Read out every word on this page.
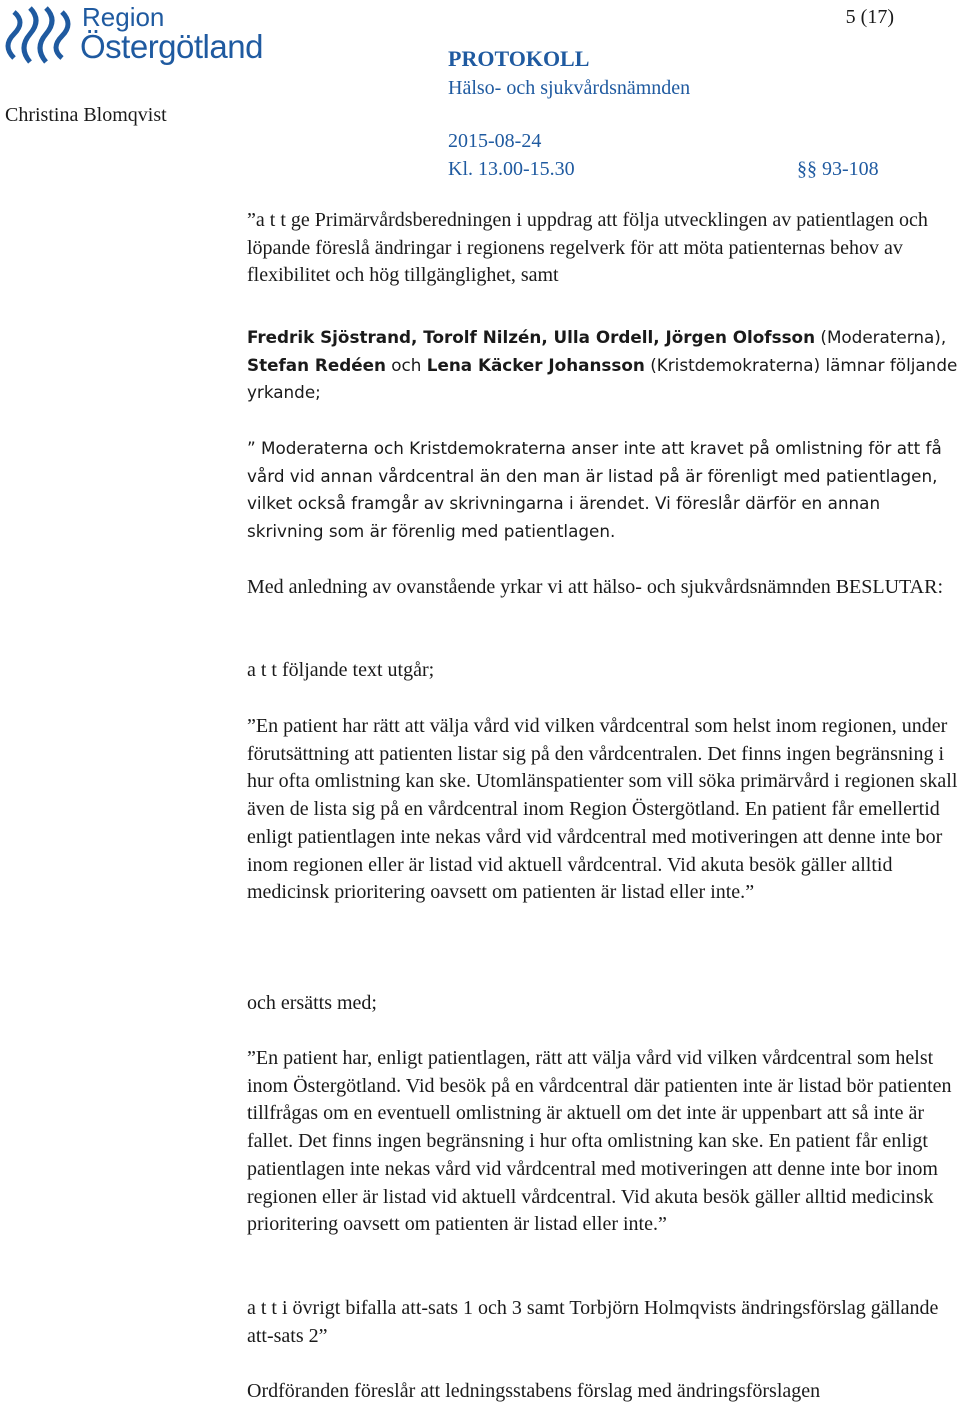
Region
Östergötland
5 (17)
PROTOKOLL
Hälso- och sjukvårdsnämnden
Christina Blomqvist
2015-08-24
Kl. 13.00-15.30	§§ 93-108

”a t t ge Primärvårdsberedningen i uppdrag att följa utvecklingen av patientlagen och löpande föreslå ändringar i regionens regelverk för att möta patienternas behov av flexibilitet och hög tillgänglighet, samt

Fredrik Sjöstrand, Torolf Nilzén, Ulla Ordell, Jörgen Olofsson (Moderaterna), Stefan Redéen och Lena Käcker Johansson (Kristdemokraterna) lämnar följande yrkande;

” Moderaterna och Kristdemokraterna anser inte att kravet på omlistning för att få vård vid annan vårdcentral än den man är listad på är förenligt med patientlagen, vilket också framgår av skrivningarna i ärendet. Vi föreslår därför en annan skrivning som är förenlig med patientlagen.

Med anledning av ovanstående yrkar vi att hälso- och sjukvårdsnämnden BESLUTAR:

a t t följande text utgår;

”En patient har rätt att välja vård vid vilken vårdcentral som helst inom regionen, under förutsättning att patienten listar sig på den vårdcentralen. Det finns ingen begränsning i hur ofta omlistning kan ske. Utomlänspatienter som vill söka primärvård i regionen skall även de lista sig på en vårdcentral inom Region Östergötland. En patient får emellertid enligt patientlagen inte nekas vård vid vårdcentral med motiveringen att denne inte bor inom regionen eller är listad vid aktuell vårdcentral. Vid akuta besök gäller alltid medicinsk prioritering oavsett om patienten är listad eller inte.”

och ersätts med;

”En patient har, enligt patientlagen, rätt att välja vård vid vilken vårdcentral som helst inom Östergötland. Vid besök på en vårdcentral där patienten inte är listad bör patienten tillfrågas om en eventuell omlistning är aktuell om det inte är uppenbart att så inte är fallet. Det finns ingen begränsning i hur ofta omlistning kan ske. En patient får enligt patientlagen inte nekas vård vid vårdcentral med motiveringen att denne inte bor inom regionen eller är listad vid aktuell vårdcentral. Vid akuta besök gäller alltid medicinsk prioritering oavsett om patienten är listad eller inte.”

a t t i övrigt bifalla att-sats 1 och 3 samt Torbjörn Holmqvists ändringsförslag gällande att-sats 2”

Ordföranden föreslår att ledningsstabens förslag med ändringsförslagen
